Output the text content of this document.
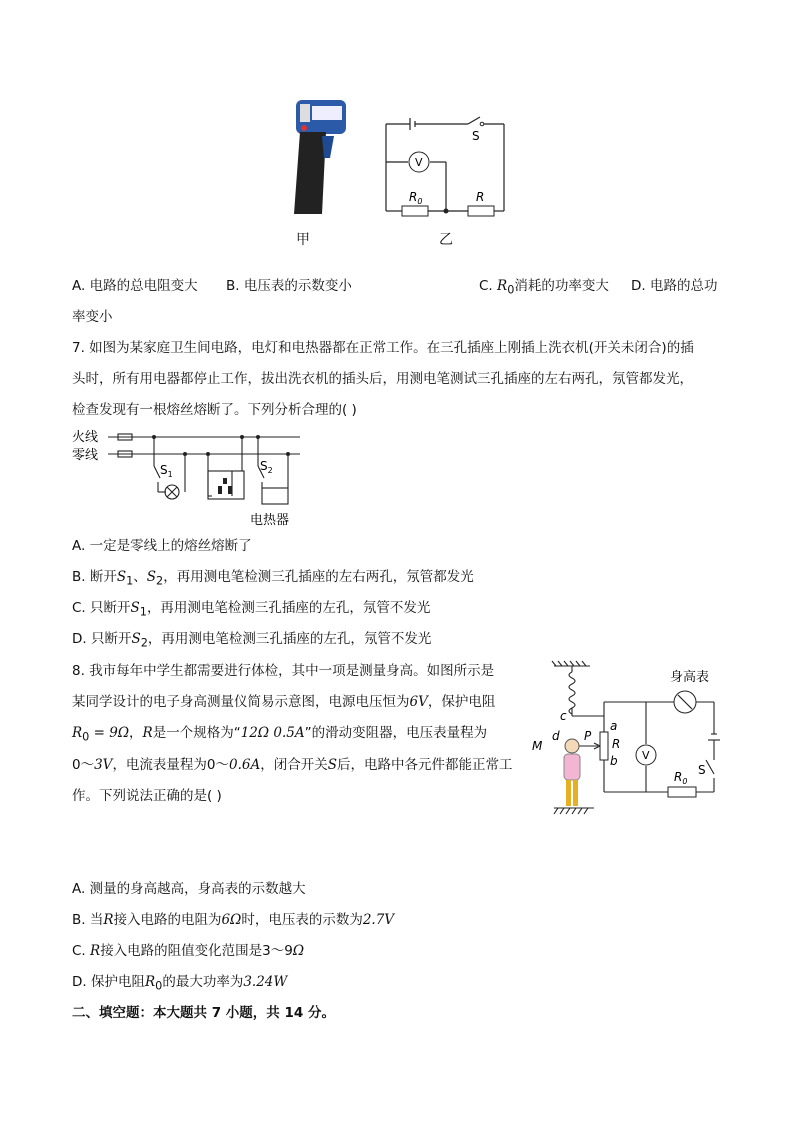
甲
V
S
$R_0$	R
乙
A. 电路的总电阻变大 B. 电压表的示数变小	C. $R_0$消耗的功率变大 D. 电路的总功
率变小
7. 如图为某家庭卫生间电路，电灯和电热器都在正常工作。在三孔插座上刚插上洗衣机(开关未闭合)的插
头时，所有用电器都停止工作，拔出洗衣机的插头后，用测电笔测试三孔插座的左右两孔，氖管都发光，
检查发现有一根熔丝熔断了。下列分析合理的( )
火线
零线
$S_1$
$S_2$
电热器
A. 一定是零线上的熔丝熔断了
B. 断开$S_1$、$S_2$，再用测电笔检测三孔插座的左右两孔，氖管都发光
C. 只断开$S_1$，再用测电笔检测三孔插座的左孔，氖管不发光
D. 只断开$S_2$，再用测电笔检测三孔插座的左孔，氖管不发光
8. 我市每年中学生都需要进行体检，其中一项是测量身高。如图所示是
某同学设计的电子身高测量仪简易示意图，电源电压恒为6V，保护电阻
$R_0 = 9\Omega$，R是一个规格为“12Ω 0.5A”的滑动变阻器，电压表量程为
0～3V，电流表量程为0～0.6A，闭合开关S后，电路中各元件都能正常工
作。下列说法正确的是( )
身高表
c
a
P
d
M	R
b V
$R_0$
S
A. 测量的身高越高，身高表的示数越大
B. 当R接入电路的电阻为6Ω时，电压表的示数为2.7V
C. R接入电路的阻值变化范围是3～9Ω
D. 保护电阻$R_0$的最大功率为3.24W
二、填空题：本大题共 7 小题，共 14 分。
